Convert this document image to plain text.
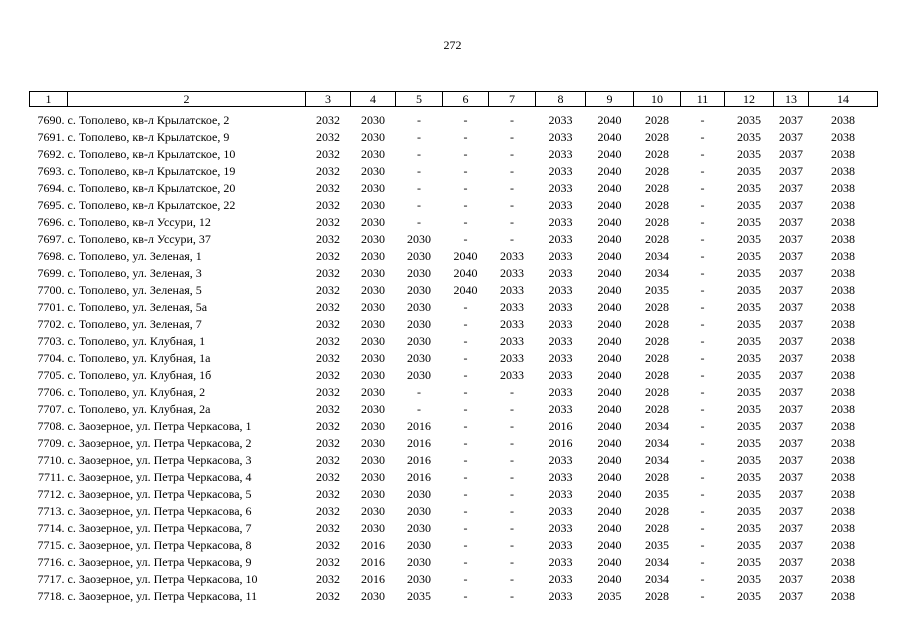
272
1	2	3	4	5	6	7	8	9	10	11	12	13	14

7690.	с. Тополево, кв-л Крылатское, 2	2032	2030	-	-	-	2033	2040	2028	-	2035	2037	2038
7691.	с. Тополево, кв-л Крылатское, 9	2032	2030	-	-	-	2033	2040	2028	-	2035	2037	2038
7692.	с. Тополево, кв-л Крылатское, 10	2032	2030	-	-	-	2033	2040	2028	-	2035	2037	2038
7693.	с. Тополево, кв-л Крылатское, 19	2032	2030	-	-	-	2033	2040	2028	-	2035	2037	2038
7694.	с. Тополево, кв-л Крылатское, 20	2032	2030	-	-	-	2033	2040	2028	-	2035	2037	2038
7695.	с. Тополево, кв-л Крылатское, 22	2032	2030	-	-	-	2033	2040	2028	-	2035	2037	2038
7696.	с. Тополево, кв-л Уссури, 12	2032	2030	-	-	-	2033	2040	2028	-	2035	2037	2038
7697.	с. Тополево, кв-л Уссури, 37	2032	2030	2030	-	-	2033	2040	2028	-	2035	2037	2038
7698.	с. Тополево, ул. Зеленая, 1	2032	2030	2030	2040	2033	2033	2040	2034	-	2035	2037	2038
7699.	с. Тополево, ул. Зеленая, 3	2032	2030	2030	2040	2033	2033	2040	2034	-	2035	2037	2038
7700.	с. Тополево, ул. Зеленая, 5	2032	2030	2030	2040	2033	2033	2040	2035	-	2035	2037	2038
7701.	с. Тополево, ул. Зеленая, 5а	2032	2030	2030	-	2033	2033	2040	2028	-	2035	2037	2038
7702.	с. Тополево, ул. Зеленая, 7	2032	2030	2030	-	2033	2033	2040	2028	-	2035	2037	2038
7703.	с. Тополево, ул. Клубная, 1	2032	2030	2030	-	2033	2033	2040	2028	-	2035	2037	2038
7704.	с. Тополево, ул. Клубная, 1а	2032	2030	2030	-	2033	2033	2040	2028	-	2035	2037	2038
7705.	с. Тополево, ул. Клубная, 1б	2032	2030	2030	-	2033	2033	2040	2028	-	2035	2037	2038
7706.	с. Тополево, ул. Клубная, 2	2032	2030	-	-	-	2033	2040	2028	-	2035	2037	2038
7707.	с. Тополево, ул. Клубная, 2а	2032	2030	-	-	-	2033	2040	2028	-	2035	2037	2038
7708.	с. Заозерное, ул. Петра Черкасова, 1	2032	2030	2016	-	-	2016	2040	2034	-	2035	2037	2038
7709.	с. Заозерное, ул. Петра Черкасова, 2	2032	2030	2016	-	-	2016	2040	2034	-	2035	2037	2038
7710.	с. Заозерное, ул. Петра Черкасова, 3	2032	2030	2016	-	-	2033	2040	2034	-	2035	2037	2038
7711.	с. Заозерное, ул. Петра Черкасова, 4	2032	2030	2016	-	-	2033	2040	2028	-	2035	2037	2038
7712.	с. Заозерное, ул. Петра Черкасова, 5	2032	2030	2030	-	-	2033	2040	2035	-	2035	2037	2038
7713.	с. Заозерное, ул. Петра Черкасова, 6	2032	2030	2030	-	-	2033	2040	2028	-	2035	2037	2038
7714.	с. Заозерное, ул. Петра Черкасова, 7	2032	2030	2030	-	-	2033	2040	2028	-	2035	2037	2038
7715.	с. Заозерное, ул. Петра Черкасова, 8	2032	2016	2030	-	-	2033	2040	2035	-	2035	2037	2038
7716.	с. Заозерное, ул. Петра Черкасова, 9	2032	2016	2030	-	-	2033	2040	2034	-	2035	2037	2038
7717.	с. Заозерное, ул. Петра Черкасова, 10	2032	2016	2030	-	-	2033	2040	2034	-	2035	2037	2038
7718.	с. Заозерное, ул. Петра Черкасова, 11	2032	2030	2035	-	-	2033	2035	2028	-	2035	2037	2038
